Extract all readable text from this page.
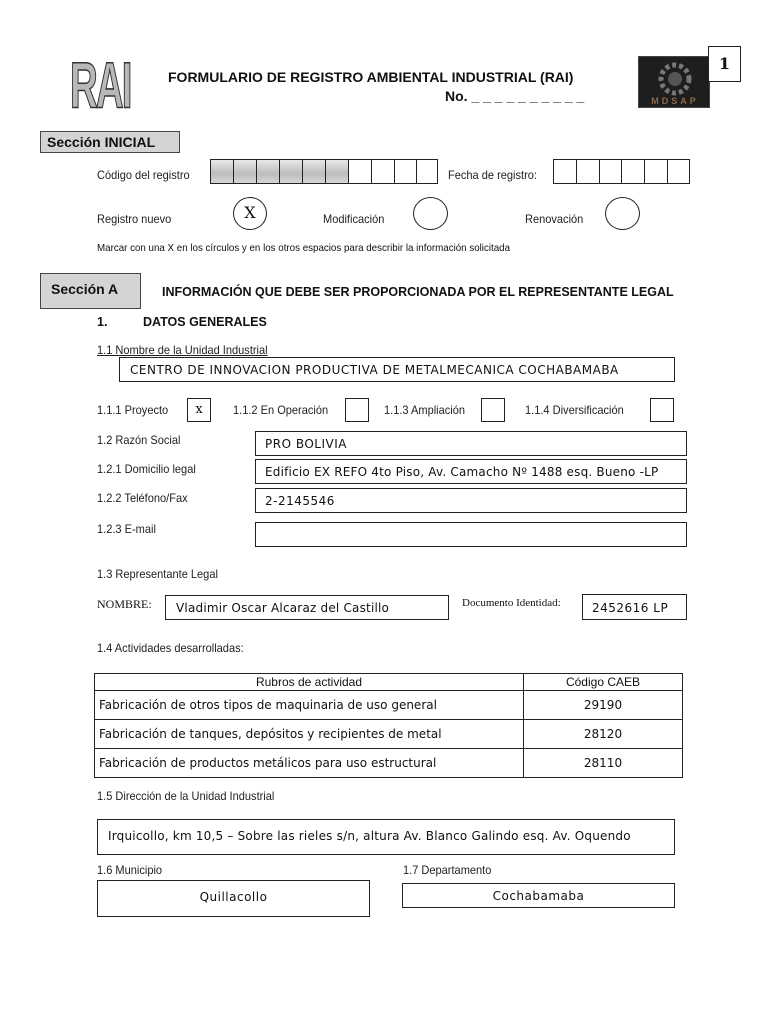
RAI	FORMULARIO DE REGISTRO AMBIENTAL INDUSTRIAL (RAI)
No. _ _ _ _ _ _ _ _ _ _	MDSAP
1
Sección INICIAL
Código del registro	Fecha de registro:
Registro nuevo	X	Modificación	Renovación
Marcar con una X en los círculos y en los otros espacios para describir la información solicitada
Sección A	INFORMACIÓN QUE DEBE SER PROPORCIONADA POR EL REPRESENTANTE LEGAL
1.	DATOS GENERALES
1.1 Nombre de la Unidad Industrial
CENTRO DE INNOVACION PRODUCTIVA DE METALMECANICA COCHABAMABA
1.1.1 Proyecto	x	1.1.2 En Operación	1.1.3 Ampliación	1.1.4 Diversificación
1.2 Razón Social	PRO BOLIVIA
1.2.1 Domicilio legal	Edificio EX REFO 4to Piso, Av. Camacho Nº 1488 esq. Bueno -LP
1.2.2 Teléfono/Fax	2-2145546
1.2.3 E-mail
1.3 Representante Legal
NOMBRE: Vladimir Oscar Alcaraz del Castillo	Documento Identidad:	2452616 LP
1.4 Actividades desarrolladas:
Rubros de actividad	Código CAEB
Fabricación de otros tipos de maquinaria de uso general	29190
Fabricación de tanques, depósitos y recipientes de metal	28120
Fabricación de productos metálicos para uso estructural	28110
1.5 Dirección de la Unidad Industrial
Irquicollo, km 10,5 – Sobre las rieles s/n, altura Av. Blanco Galindo esq. Av. Oquendo
1.6 Municipio
Quillacollo
1.7 Departamento
Cochabamaba
